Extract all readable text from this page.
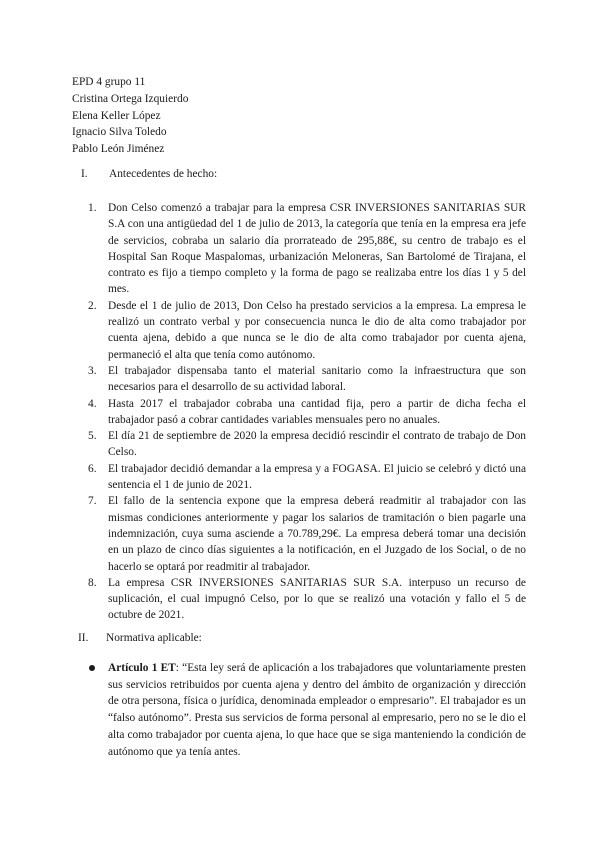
EPD 4 grupo 11
Cristina Ortega Izquierdo
Elena Keller López
Ignacio Silva Toledo
Pablo León Jiménez
I. Antecedentes de hecho:
1. Don Celso comenzó a trabajar para la empresa CSR INVERSIONES SANITARIAS SUR S.A con una antigüedad del 1 de julio de 2013, la categoría que tenía en la empresa era jefe de servicios, cobraba un salario día prorrateado de 295,88€, su centro de trabajo es el Hospital San Roque Maspalomas, urbanización Meloneras, San Bartolomé de Tirajana, el contrato es fijo a tiempo completo y la forma de pago se realizaba entre los días 1 y 5 del mes.
2. Desde el 1 de julio de 2013, Don Celso ha prestado servicios a la empresa. La empresa le realizó un contrato verbal y por consecuencia nunca le dio de alta como trabajador por cuenta ajena, debido a que nunca se le dio de alta como trabajador por cuenta ajena, permaneció el alta que tenía como autónomo.
3. El trabajador dispensaba tanto el material sanitario como la infraestructura que son necesarios para el desarrollo de su actividad laboral.
4. Hasta 2017 el trabajador cobraba una cantidad fija, pero a partir de dicha fecha el trabajador pasó a cobrar cantidades variables mensuales pero no anuales.
5. El día 21 de septiembre de 2020 la empresa decidió rescindir el contrato de trabajo de Don Celso.
6. El trabajador decidió demandar a la empresa y a FOGASA. El juicio se celebró y dictó una sentencia el 1 de junio de 2021.
7. El fallo de la sentencia expone que la empresa deberá readmitir al trabajador con las mismas condiciones anteriormente y pagar los salarios de tramitación o bien pagarle una indemnización, cuya suma asciende a 70.789,29€. La empresa deberá tomar una decisión en un plazo de cinco días siguientes a la notificación, en el Juzgado de los Social, o de no hacerlo se optará por readmitir al trabajador.
8. La empresa CSR INVERSIONES SANITARIAS SUR S.A. interpuso un recurso de suplicación, el cual impugnó Celso, por lo que se realizó una votación y fallo el 5 de octubre de 2021.
II. Normativa aplicable:
Artículo 1 ET: “Esta ley será de aplicación a los trabajadores que voluntariamente presten sus servicios retribuidos por cuenta ajena y dentro del ámbito de organización y dirección de otra persona, física o jurídica, denominada empleador o empresario”. El trabajador es un “falso autónomo”. Presta sus servicios de forma personal al empresario, pero no se le dio el alta como trabajador por cuenta ajena, lo que hace que se siga manteniendo la condición de autónomo que ya tenía antes.
